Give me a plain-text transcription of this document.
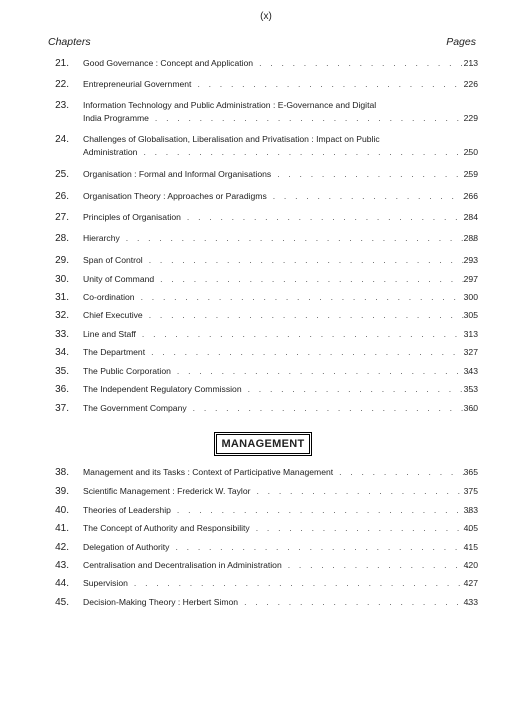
(x)
Chapters	Pages
21. Good Governance : Concept and Application . . .	213
22. Entrepreneurial Government . . .	226
23. Information Technology and Public Administration : E-Governance and Digital
India Programme . . .	229
24. Challenges of Globalisation, Liberalisation and Privatisation : Impact on Public
Administration . . .	250
25. Organisation : Formal and Informal Organisations . . .	259
26. Organisation Theory : Approaches or Paradigms . . .	266
27. Principles of Organisation . . .	284
28. Hierarchy . . .	288
29. Span of Control . . .	293
30. Unity of Command . . .	297
31. Co-ordination . . .	300
32. Chief Executive . . .	305
33. Line and Staff . . .	313
34. The Department . . .	327
35. The Public Corporation . . .	343
36. The Independent Regulatory Commission . . .	353
37. The Government Company . . .	360
38. Management and its Tasks : Context of Participative Management . . .	365
39. Scientific Management : Frederick W. Taylor . . .	375
40. Theories of Leadership . . .	383
41. The Concept of Authority and Responsibility . . .	405
42. Delegation of Authority . . .	415
43. Centralisation and Decentralisation in Administration . . .	420
44. Supervision . . .	427
45. Decision-Making Theory : Herbert Simon . . .	433
MANAGEMENT
